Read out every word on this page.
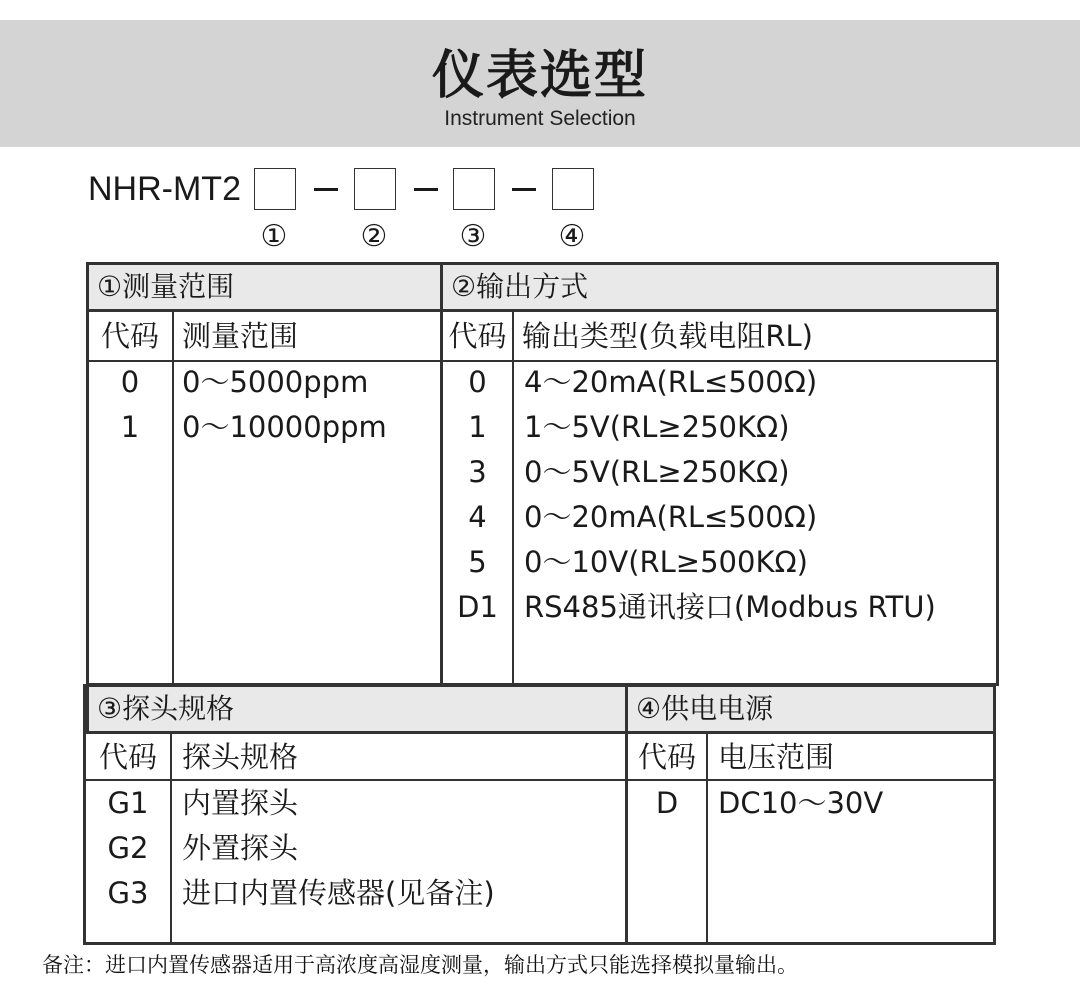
仪表选型
Instrument Selection
NHR-MT2
① ② ③ ④
①测量范围	②输出方式
代码 测量范围
0	0～5000ppm
1	0～10000ppm
代码 输出类型(负载电阻RL)
0	4～20mA(RL≤500Ω)
1	1～5V(RL≥250KΩ)
3	0～5V(RL≥250KΩ)
4	0～20mA(RL≤500Ω)
5	0～10V(RL≥500KΩ)
D1 RS485通讯接口(Modbus RTU)
③探头规格	④供电电源
代码 探头规格
G1	内置探头
G2	外置探头
G3	进口内置传感器(见备注)
代码 电压范围
D	DC10～30V
备注：进口内置传感器适用于高浓度高湿度测量，输出方式只能选择模拟量输出。
